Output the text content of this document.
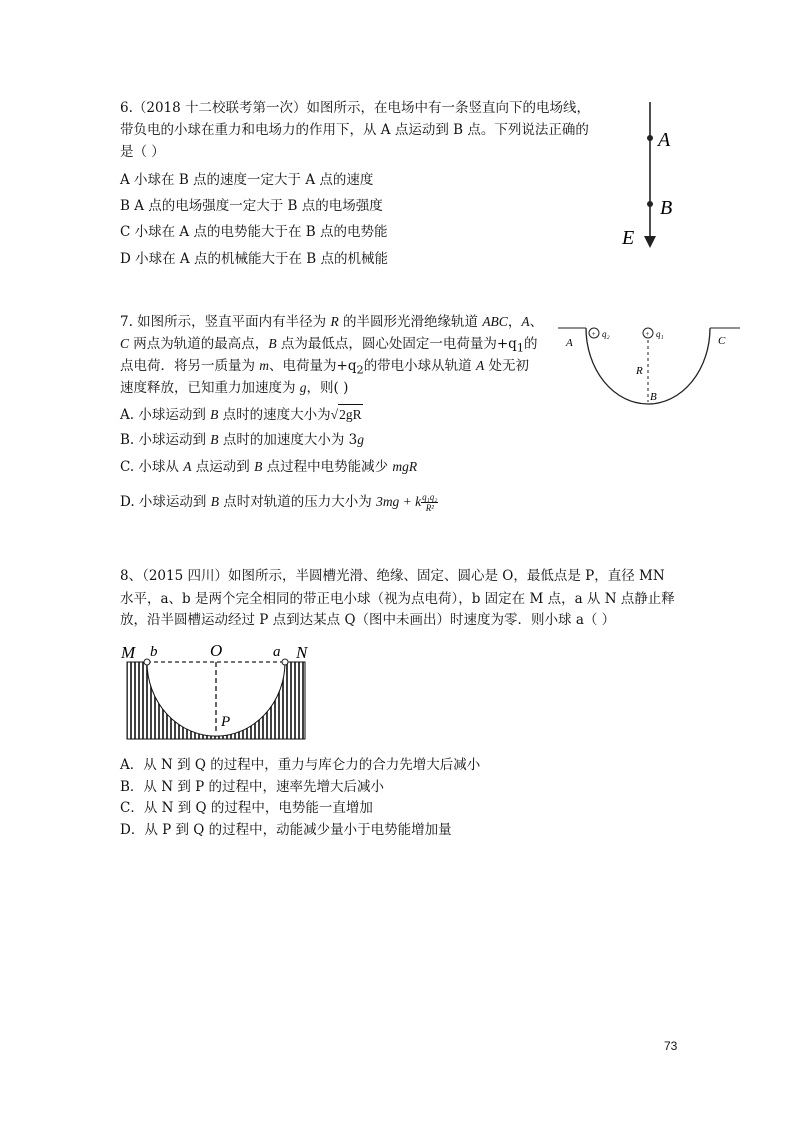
6.（2018 十二校联考第一次）如图所示，在电场中有一条竖直向下的电场线，
带负电的小球在重力和电场力的作用下，从 A 点运动到 B 点。下列说法正确的
是（ ）
A 小球在 B 点的速度一定大于 A 点的速度
B A 点的电场强度一定大于 B 点的电场强度
C 小球在 A 点的电势能大于在 B 点的电势能
D 小球在 A 点的机械能大于在 B 点的机械能
A
B
E
7. 如图所示，竖直平面内有半径为 R 的半圆形光滑绝缘轨道 ABC，A、
C 两点为轨道的最高点，B 点为最低点，圆心处固定一电荷量为$+q_1$的
点电荷．将另一质量为 m、电荷量为$+q_2$的带电小球从轨道 A 处无初
速度释放，已知重力加速度为 g，则( )
A. 小球运动到 B 点时的速度大小为√2gR
B. 小球运动到 B 点时的加速度大小为 3g
C. 小球从 A 点运动到 B 点过程中电势能减少 mgR
D. 小球运动到 B 点时对轨道的压力大小为 3mg + k $\frac{\text{q₁q₂}}{\text{R²}}$
+
+	q₁
q₂
A	C
R
B
8、（2015 四川）如图所示，半圆槽光滑、绝缘、固定、圆心是 O，最低点是 P，直径 MN
水平，a、b 是两个完全相同的带正电小球（视为点电荷），b 固定在 M 点，a 从 N 点静止释
放，沿半圆槽运动经过 P 点到达某点 Q（图中未画出）时速度为零．则小球 a（ ）
M b	O	a N
P
A．从 N 到 Q 的过程中，重力与库仑力的合力先增大后减小
B．从 N 到 P 的过程中，速率先增大后减小
C．从 N 到 Q 的过程中，电势能一直增加
D．从 P 到 Q 的过程中，动能减少量小于电势能增加量
73
